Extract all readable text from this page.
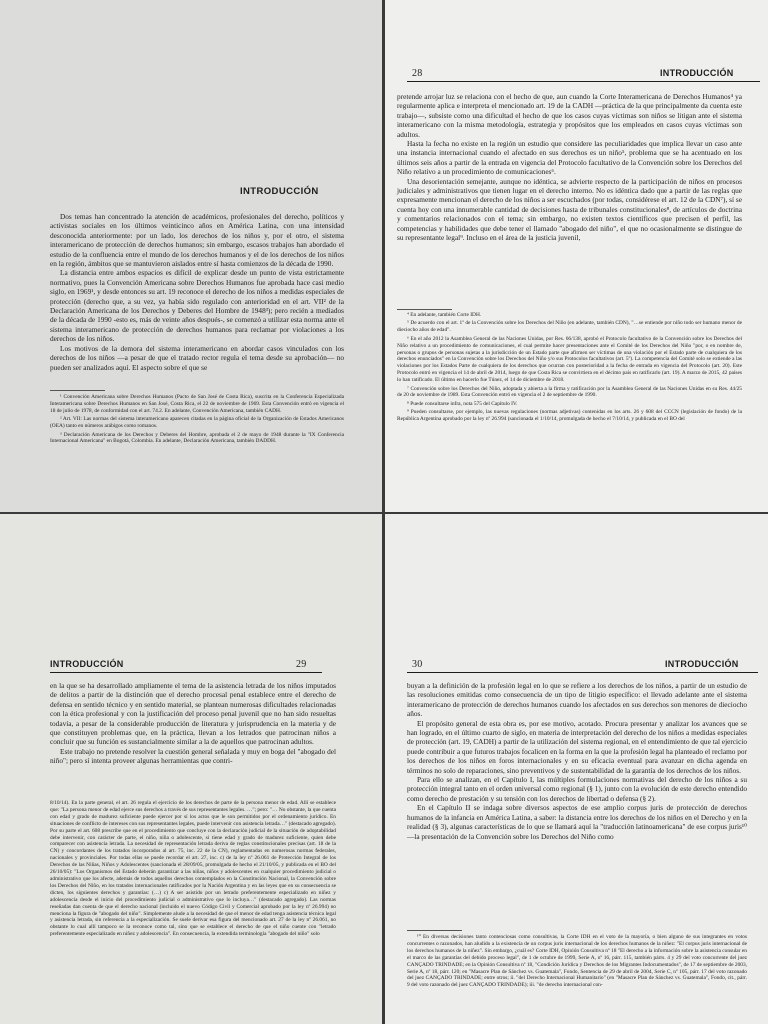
INTRODUCCIÓN

Dos temas han concentrado la atención de académicos, profesionales del derecho, políticos y activistas sociales en los últimos veinticinco años en América Latina, con una intensidad desconocida anteriormente: por un lado, los derechos de los niños y, por el otro, el sistema interamericano de protección de derechos humanos; sin embargo, escasos trabajos han abordado el estudio de la confluencia entre el mundo de los derechos humanos y el de los derechos de los niños en la región, ámbitos que se mantuvieron aislados entre sí hasta comienzos de la década de 1990.

La distancia entre ambos espacios es difícil de explicar desde un punto de vista estrictamente normativo, pues la Convención Americana sobre Derechos Humanos fue aprobada hace casi medio siglo, en 1969¹, y desde entonces su art. 19 reconoce el derecho de los niños a medidas especiales de protección (derecho que, a su vez, ya había sido regulado con anterioridad en el art. VII² de la Declaración Americana de los Derechos y Deberes del Hombre de 1948³); pero recién a mediados de la década de 1990 -esto es, más de veinte años después-, se comenzó a utilizar esta norma ante el sistema interamericano de protección de derechos humanos para reclamar por violaciones a los derechos de los niños.

Los motivos de la demora del sistema interamericano en abordar casos vinculados con los derechos de los niños —a pesar de que el tratado rector regula el tema desde su aprobación— no pueden ser analizados aquí. El aspecto sobre el que se

¹ Convención Americana sobre Derechos Humanos (Pacto de San José de Costa Rica), suscrita en la Conferencia Especializada Interamericana sobre Derechos Humanos en San José, Costa Rica, el 22 de noviembre de 1969. Esta Convención entró en vigencia el 18 de julio de 1978, de conformidad con el art. 74.2. En adelante, Convención Americana, también CADH.

² Art. VII: Las normas del sistema interamericano aparecen citadas en la página oficial de la Organización de Estados Americanos (OEA) tanto en números arábigos como romanos.

³ Declaración Americana de los Derechos y Deberes del Hombre, aprobada el 2 de mayo de 1948 durante la "IX Conferencia Internacional Americana" en Bogotá, Colombia. En adelante, Declaración Americana, también DADDH.

28	INTRODUCCIÓN

pretende arrojar luz se relaciona con el hecho de que, aun cuando la Corte Interamericana de Derechos Humanos⁴ ya regularmente aplica e interpreta el mencionado art. 19 de la CADH —práctica de la que principalmente da cuenta este trabajo—, subsiste como una dificultad el hecho de que los casos cuyas víctimas son niños se litigan ante el sistema interamericano con la misma metodología, estrategia y propósitos que los empleados en casos cuyas víctimas son adultos.

Hasta la fecha no existe en la región un estudio que considere las peculiaridades que implica llevar un caso ante una instancia internacional cuando el afectado en sus derechos es un niño⁵, problema que se ha acentuado en los últimos seis años a partir de la entrada en vigencia del Protocolo facultativo de la Convención sobre los Derechos del Niño relativo a un procedimiento de comunicaciones⁶.

Una desorientación semejante, aunque no idéntica, se advierte respecto de la participación de niños en procesos judiciales y administrativos que tienen lugar en el derecho interno. No es idéntica dado que a partir de las reglas que expresamente mencionan el derecho de los niños a ser escuchados (por todas, considérese el art. 12 de la CDN⁷), sí se cuenta hoy con una innumerable cantidad de decisiones hasta de tribunales constitucionales⁸, de artículos de doctrina y comentarios relacionados con el tema; sin embargo, no existen textos científicos que precisen el perfil, las competencias y habilidades que debe tener el llamado "abogado del niño", el que no ocasionalmente se distingue de su representante legal⁹. Incluso en el área de la justicia juvenil,

⁴ En adelante, también Corte IDH.

⁵ De acuerdo con el art. 1º de la Convención sobre los Derechos del Niño (en adelante, también CDN), "…se entiende por niño todo ser humano menor de dieciocho años de edad".

⁶ En el año 2012 la Asamblea General de las Naciones Unidas, por Res. 66/138, aprobó el Protocolo facultativo de la Convención sobre los Derechos del Niño relativo a un procedimiento de comunicaciones, el cual permite hacer presentaciones ante el Comité de los Derechos del Niño "por, o en nombre de, personas o grupos de personas sujetas a la jurisdicción de un Estado parte que afirmen ser víctimas de una violación por el Estado parte de cualquiera de los derechos enunciados" en la Convención sobre los Derechos del Niño y/o sus Protocolos facultativos (art. 5º). La competencia del Comité solo se extiende a las violaciones por los Estados Parte de cualquiera de los derechos que ocurran con posterioridad a la fecha de entrada en vigencia del Protocolo (art. 20). Este Protocolo entró en vigencia el 14 de abril de 2014, luego de que Costa Rica se convirtiera en el décimo país en ratificarlo (art. 19). A marzo de 2015, 42 países lo han ratificado. El último en hacerlo fue Túnez, el 14 de diciembre de 2018.

⁷ Convención sobre los Derechos del Niño, adoptada y abierta a la firma y ratificación por la Asamblea General de las Naciones Unidas en su Res. 44/25 de 20 de noviembre de 1989. Esta Convención entró en vigencia el 2 de septiembre de 1990.

⁸ Puede consultarse infra, nota 575 del Capítulo IV.

⁹ Pueden consultarse, por ejemplo, las nuevas regulaciones (normas adjetivas) contenidas en los arts. 26 y 608 del CCCN (legislación de fondo) de la República Argentina aprobado por la ley nº 26.994 (sancionada el 1/10/14, promulgada de hecho el 7/10/14, y publicada en el BO del

INTRODUCCIÓN	29

en la que se ha desarrollado ampliamente el tema de la asistencia letrada de los niños imputados de delitos a partir de la distinción que el derecho procesal penal establece entre el derecho de defensa en sentido técnico y en sentido material, se plantean numerosas dificultades relacionadas con la ética profesional y con la justificación del proceso penal juvenil que no han sido resueltas todavía, a pesar de la considerable producción de literatura y jurisprudencia en la materia y de que constituyen problemas que, en la práctica, llevan a los letrados que patrocinan niños a concluir que su función es sustancialmente similar a la de aquellos que patrocinan adultos.

Este trabajo no pretende resolver la cuestión general señalada y muy en boga del "abogado del niño"; pero sí intenta proveer algunas herramientas que contri-

8/10/14). En la parte general, el art. 26 regula el ejercicio de los derechos de parte de la persona menor de edad. Allí se establece que: "La persona menor de edad ejerce sus derechos a través de sus representantes legales. …"; pero: "… No obstante, la que cuenta con edad y grado de madurez suficiente puede ejercer por sí los actos que le son permitidos por el ordenamiento jurídico. En situaciones de conflicto de intereses con sus representantes legales, puede intervenir con asistencia letrada…" (destacado agregado). Por su parte el art. 608 prescribe que en el procedimiento que concluye con la declaración judicial de la situación de adoptabilidad debe intervenir, con carácter de parte, el niño, niña o adolescente, si tiene edad y grado de madurez suficiente, quien debe comparecer con asistencia letrada. La necesidad de representación letrada deriva de reglas constitucionales precisas (art. 18 de la CN) y concordantes de los tratados incorporados al art. 75, inc. 22 de la CN), reglamentadas en numerosas normas federales, nacionales y provinciales. Por todas ellas se puede recordar el art. 27, inc. c) de la ley nº 26.061 de Protección Integral de los Derechos de las Niñas, Niños y Adolescentes (sancionada el 28/09/05, promulgada de hecho el 21/10/05, y publicada en el BO del 26/10/05): "Los Organismos del Estado deberán garantizar a las niñas, niños y adolescentes en cualquier procedimiento judicial o administrativo que los afecte, además de todos aquellos derechos contemplados en la Constitución Nacional, la Convención sobre los Derechos del Niño, en los tratados internacionales ratificados por la Nación Argentina y en las leyes que en su consecuencia se dicten, los siguientes derechos y garantías: (…) c) A ser asistido por un letrado preferentemente especializado en niñez y adolescencia desde el inicio del procedimiento judicial o administrativo que lo incluya…" (destacado agregado). Las normas reseñadas dan cuenta de que el derecho nacional (incluido el nuevo Código Civil y Comercial aprobado por la ley nº 26.994) no menciona la figura de "abogado del niño". Simplemente alude a la necesidad de que el menor de edad tenga asistencia técnica legal y asistencia letrada, sin referencia a la especialización. Se suele derivar esa figura del mencionado art. 27 de la ley nº 26.061, no obstante lo cual allí tampoco se la reconoce como tal, sino que se establece el derecho de que el niño cuente con "letrado preferentemente especializado en niñez y adolescencia". En consecuencia, la extendida terminología "abogado del niño" solo

30	INTRODUCCIÓN

buyan a la definición de la profesión legal en lo que se refiere a los derechos de los niños, a partir de un estudio de las resoluciones emitidas como consecuencia de un tipo de litigio específico: el llevado adelante ante el sistema interamericano de protección de derechos humanos cuando los afectados en sus derechos son menores de dieciocho años.

El propósito general de esta obra es, por ese motivo, acotado. Procura presentar y analizar los avances que se han logrado, en el último cuarto de siglo, en materia de interpretación del derecho de los niños a medidas especiales de protección (art. 19, CADH) a partir de la utilización del sistema regional, en el entendimiento de que tal ejercicio puede contribuir a que futuros trabajos focalicen en la forma en la que la profesión legal ha planteado el reclamo por los derechos de los niños en foros internacionales y en su eficacia eventual para avanzar en dicha agenda en términos no solo de reparaciones, sino preventivos y de sustentabilidad de la garantía de los derechos de los niños.

Para ello se analizan, en el Capítulo I, las múltiples formulaciones normativas del derecho de los niños a su protección integral tanto en el orden universal como regional (§ 1), junto con la evolución de este derecho entendido como derecho de prestación y su tensión con los derechos de libertad o defensa (§ 2).

En el Capítulo II se indaga sobre diversos aspectos de ese amplio corpus juris de protección de derechos humanos de la infancia en América Latina, a saber: la distancia entre los derechos de los niños en el Derecho y en la realidad (§ 3), algunas características de lo que se llamará aquí la "traducción latinoamericana" de ese corpus juris¹⁰ —la presentación de la Convención sobre los Derechos del Niño como

¹⁰ En diversas decisiones tanto contenciosas como consultivas, la Corte IDH en el voto de la mayoría, o bien alguno de sus integrantes en votos concurrentes o razonados, han aludido a la existencia de un corpus juris internacional de los derechos humanos de la niñez: "El corpus juris internacional de los derechos humanos de la niñez". Sin embargo, ¿cuál es? Corte IDH, Opinión Consultiva nº 18 "El derecho a la información sobre la asistencia consular en el marco de las garantías del debido proceso legal", de 1 de octubre de 1999, Serie A, nº 16, párr. 115, también párrs. 4 y 29 del voto concurrente del juez CANÇADO TRINDADE; en la Opinión Consultiva nº 18, "Condición Jurídica y Derechos de los Migrantes Indocumentados", de 17 de septiembre de 2003, Serie A, nº 18, párr. 120; en "Masacre Plan de Sánchez vs. Guatemala", Fondo, Sentencia de 29 de abril de 2004, Serie C, nº 105, párr. 17 del voto razonado del juez CANÇADO TRINDADE; entre otros; ii. "del Derecho Internacional Humanitario" (en "Masacre Plan de Sánchez vs. Guatemala", Fondo, cit., párr. 9 del voto razonado del juez CANÇADO TRINDADE); iii. "de derecho internacional con-
